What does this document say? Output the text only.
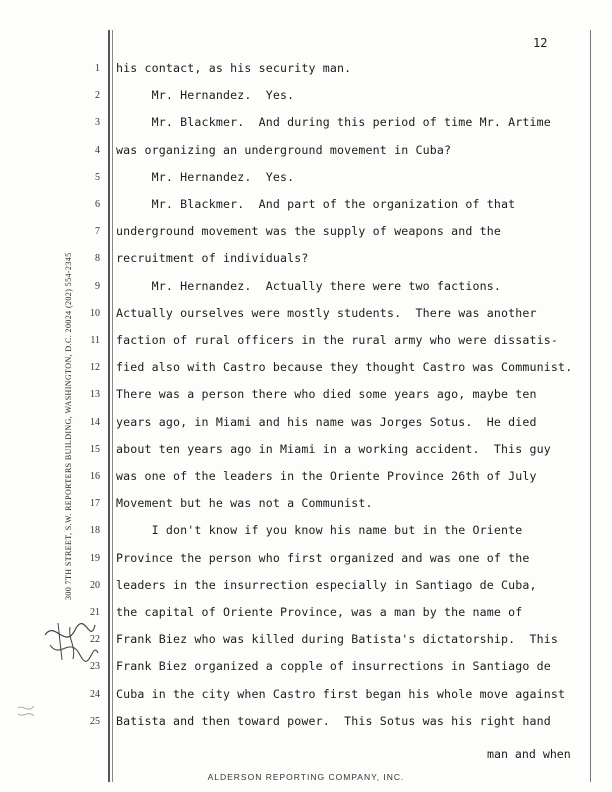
12
300 7TH STREET, S.W. REPORTERS BUILDING, WASHINGTON, D.C. 20024 (202) 554-2345
1 his contact, as his security man.
2 Mr. Hernandez.  Yes.
3 Mr. Blackmer.  And during this period of time Mr. Artime
4 was organizing an underground movement in Cuba?
5 Mr. Hernandez.  Yes.
6 Mr. Blackmer.  And part of the organization of that
7 underground movement was the supply of weapons and the
8 recruitment of individuals?
9 Mr. Hernandez.  Actually there were two factions.
10 Actually ourselves were mostly students.  There was another
11 faction of rural officers in the rural army who were dissatis-
12 fied also with Castro because they thought Castro was Communist.
13 There was a person there who died some years ago, maybe ten
14 years ago, in Miami and his name was Jorges Sotus.  He died
15 about ten years ago in Miami in a working accident.  This guy
16 was one of the leaders in the Oriente Province 26th of July
17 Movement but he was not a Communist.
18 I don't know if you know his name but in the Oriente
19 Province the person who first organized and was one of the
20 leaders in the insurrection especially in Santiago de Cuba,
21 the capital of Oriente Province, was a man by the name of
22 Frank Biez who was killed during Batista's dictatorship.  This
23 Frank Biez organized a copple of insurrections in Santiago de
24 Cuba in the city when Castro first began his whole move against
25 Batista and then toward power.  This Sotus was his right hand
man and when
ALDERSON REPORTING COMPANY, INC.
